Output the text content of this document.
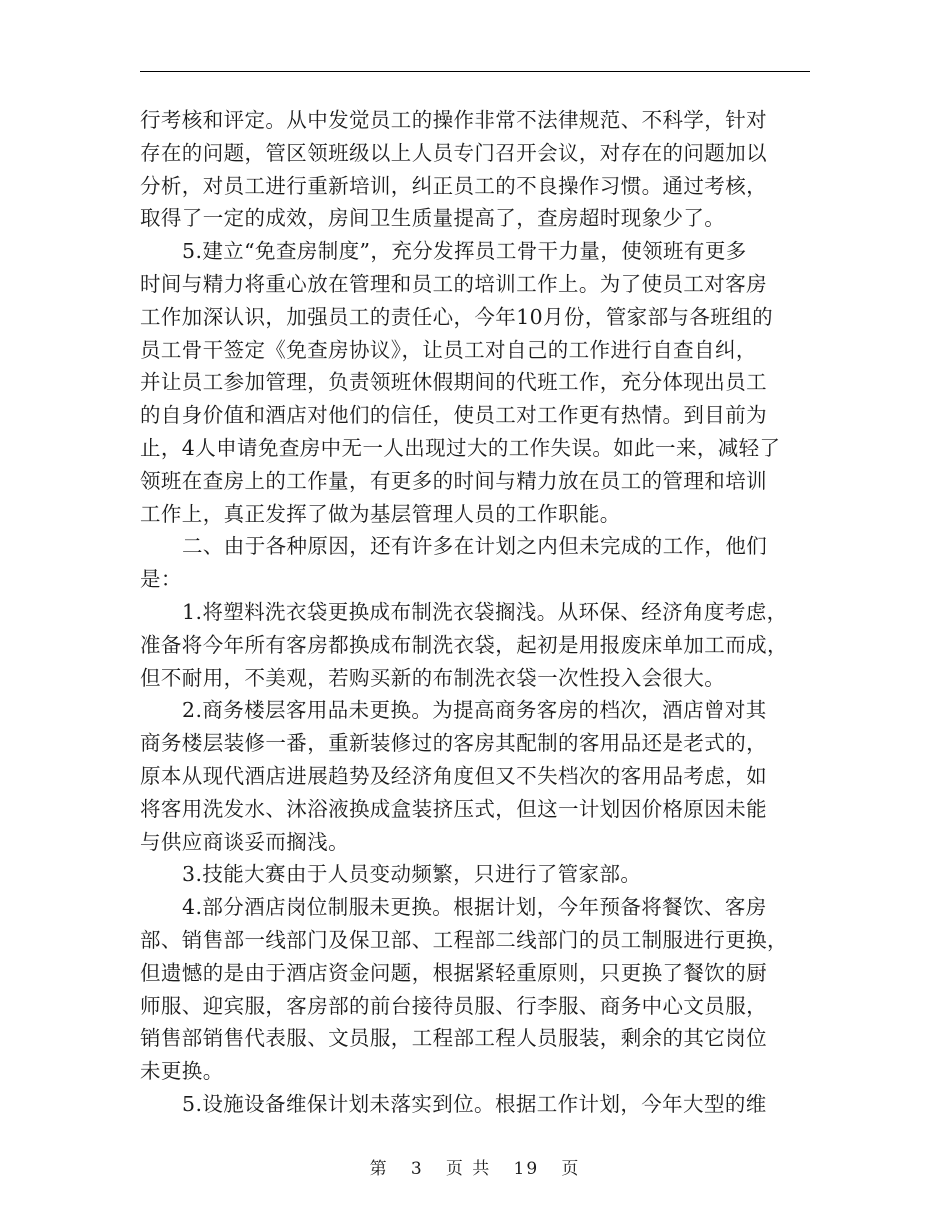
行考核和评定。从中发觉员工的操作非常不法律规范、不科学，针对
存在的问题，管区领班级以上人员专门召开会议，对存在的问题加以
分析，对员工进行重新培训，纠正员工的不良操作习惯。通过考核，
取得了一定的成效，房间卫生质量提高了，查房超时现象少了。
5.建立“免查房制度”，充分发挥员工骨干力量，使领班有更多
时间与精力将重心放在管理和员工的培训工作上。为了使员工对客房
工作加深认识，加强员工的责任心，今年10月份，管家部与各班组的
员工骨干签定《免查房协议》，让员工对自己的工作进行自查自纠，
并让员工参加管理，负责领班休假期间的代班工作，充分体现出员工
的自身价值和酒店对他们的信任，使员工对工作更有热情。到目前为
止，4人申请免查房中无一人出现过大的工作失误。如此一来，减轻了
领班在查房上的工作量，有更多的时间与精力放在员工的管理和培训
工作上，真正发挥了做为基层管理人员的工作职能。
二、由于各种原因，还有许多在计划之内但未完成的工作，他们
是：
1.将塑料洗衣袋更换成布制洗衣袋搁浅。从环保、经济角度考虑，
准备将今年所有客房都换成布制洗衣袋，起初是用报废床单加工而成，
但不耐用，不美观，若购买新的布制洗衣袋一次性投入会很大。
2.商务楼层客用品未更换。为提高商务客房的档次，酒店曾对其
商务楼层装修一番，重新装修过的客房其配制的客用品还是老式的，
原本从现代酒店进展趋势及经济角度但又不失档次的客用品考虑，如
将客用洗发水、沐浴液换成盒装挤压式，但这一计划因价格原因未能
与供应商谈妥而搁浅。
3.技能大赛由于人员变动频繁，只进行了管家部。
4.部分酒店岗位制服未更换。根据计划，今年预备将餐饮、客房
部、销售部一线部门及保卫部、工程部二线部门的员工制服进行更换，
但遗憾的是由于酒店资金问题，根据紧轻重原则，只更换了餐饮的厨
师服、迎宾服，客房部的前台接待员服、行李服、商务中心文员服，
销售部销售代表服、文员服，工程部工程人员服装，剩余的其它岗位
未更换。
5.设施设备维保计划未落实到位。根据工作计划，今年大型的维
第 3 页 共 19 页
